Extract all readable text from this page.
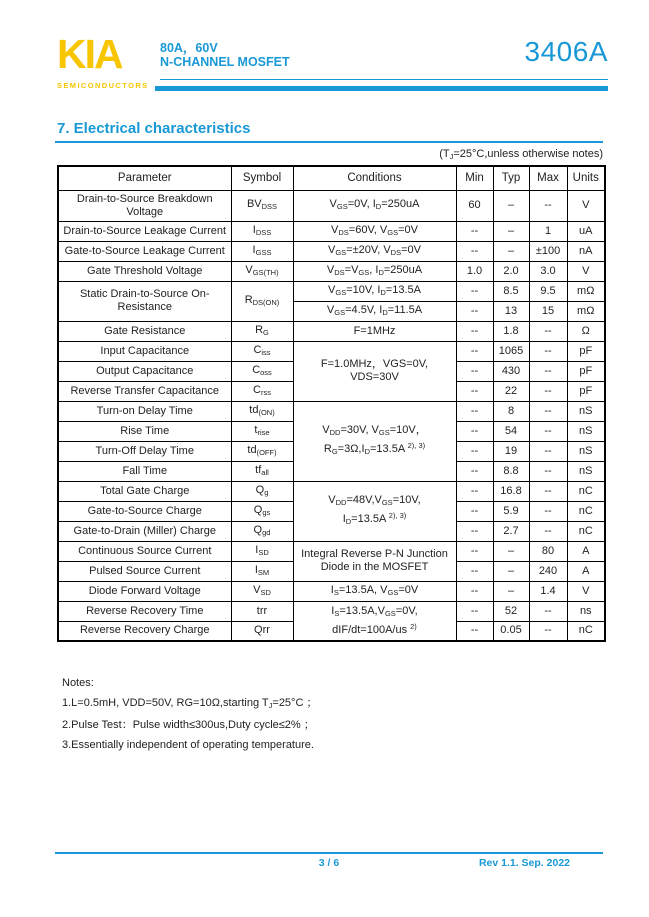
KIA
SEMICONDUCTORS
80A，60V
N-CHANNEL MOSFET	3406A
7. Electrical characteristics
($T_J=25^\circ C,unless$ otherwise notes)
Parameter	Symbol	Conditions	Min	Typ	Max	Units
Drain-to-Source Breakdown Voltage	$BV_{DSS}$	$V_{GS}=0V$, $I_D=250uA$	60	–	--	V
Drain-to-Source Leakage Current	$I_{DSS}$	$V_{DS}=60V$, $V_{GS}=0V$	--	–	1	uA
Gate-to-Source Leakage Current	$I_{GSS}$	$V_{GS}=\pm 20V$, $V_{DS}=0V$	--	–	±100	nA
Gate Threshold Voltage	$V_{GS(TH)}$	$V_{DS}=V_{GS}$, $I_D=250uA$	1.0	2.0	3.0	V
Static Drain-to-Source On-Resistance	$R_{DS(ON)}$	$V_{GS}=10V$, $I_D=13.5A$	--	8.5	9.5	mΩ
		$V_{GS}=4.5V$, $I_D=11.5A$	--	13	15	mΩ
Gate Resistance	$R_G$	F=1MHz	--	1.8	--	Ω
Input Capacitance	$C_{iss}$	F=1.0MHz，VGS=0V,
VDS=30V	--	1065	--	pF
Output Capacitance	$C_{oss}$		--	430	--	pF
Reverse Transfer Capacitance	$C_{rss}$		--	22	--	pF
Turn-on Delay Time	$td_{(ON)}$	$V_{DD}=30V$, $V_{GS}=10V$，
$R_G=3\Omega,I_D=13.5A$ $^{2), 3)}$	--	8	--	nS
Rise Time	$t_{rise}$		--	54	--	nS
Turn-Off Delay Time	$td_{(OFF)}$		--	19	--	nS
Fall Time	$tf_{all}$		--	8.8	--	nS
Total Gate Charge	$Q_g$	$V_{DD}=48V,V_{GS}=10V$,
$I_D=13.5A$ $^{2), 3)}$	--	16.8	--	nC
Gate-to-Source Charge	$Q_{gs}$		--	5.9	--	nC
Gate-to-Drain (Miller) Charge	$Q_{gd}$		--	2.7	--	nC
Continuous Source Current	$I_{SD}$	Integral Reverse P-N Junction
Diode in the MOSFET	--	–	80	A
Pulsed Source Current	$I_{SM}$		--	–	240	A
Diode Forward Voltage	$V_{SD}$	$I_S=13.5A$, $V_{GS}=0V$	--	–	1.4	V
Reverse Recovery Time	trr	$I_S=13.5A,V_{GS}=0V$,
dIF/dt=100A/us $^{2)}$	--	52	--	ns
Reverse Recovery Charge	Qrr		--	0.05	--	nC
Notes:
1.L=0.5mH, VDD=50V, RG=10Ω,starting $T_J=25^\circ C$ ；
2.Pulse Test：Pulse width≤300us,Duty cycle≤2% ；
3.Essentially independent of operating temperature.
3 / 6	Rev 1.1. Sep. 2022
